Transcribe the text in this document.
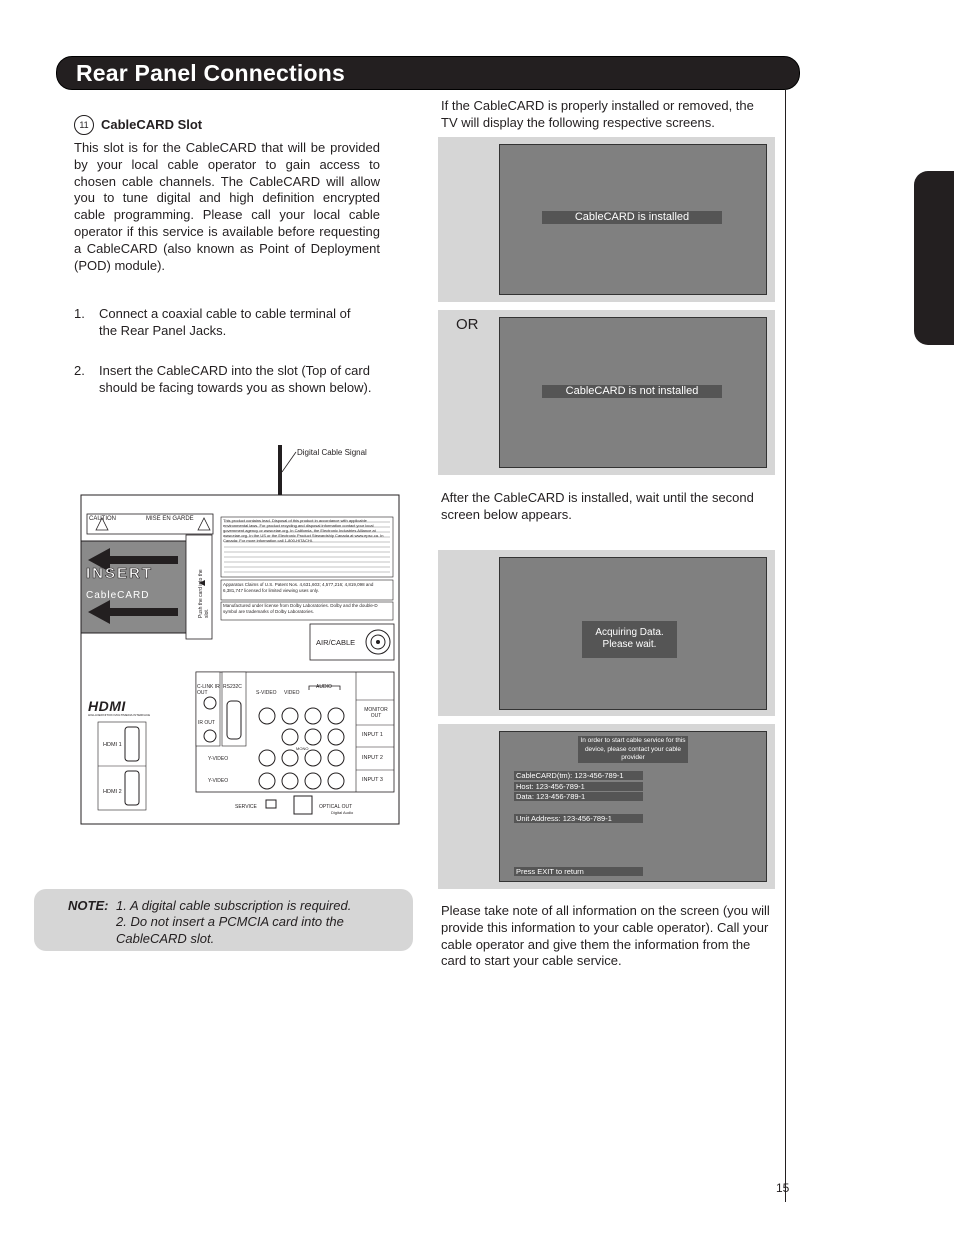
Rear Panel Connections
11 CableCARD Slot
This slot is for the CableCARD that will be provided by your local cable operator to gain access to chosen cable channels. The CableCARD will allow you to tune digital and high definition encrypted cable programming. Please call your local cable operator if this service is available before requesting a CableCARD (also known as Point of Deployment (POD) module).
1. Connect a coaxial cable to cable terminal of the Rear Panel Jacks.
2. Insert the CableCARD into the slot (Top of card should be facing towards you as shown below).
Digital Cable Signal
CAUTION	MISE EN GARDE	This product contains lead. Disposal of this product in accordance with applicable environmental laws. For product recycling and disposal information contact your local government agency or www.eiae.org. In California, the Electronic Industries Alliance at www.eiae.org. In the US or the Electronic Product Stewardship Canada at www.epsc.ca. In Canada: For more information call 1-800-HITACHI.
Apparatus Claims of U.S. Patent Nos. 4,631,603; 4,577,216; 4,819,098 and 6,381,747 licensed for limited viewing uses only.
Manufactured under license from Dolby Laboratories. Dolby and the double-D symbol are trademarks of Dolby Laboratories.
INSERT
CableCARD	Push the card into the slot.
AIR/CABLE
HDMI
HIGH-DEFINITION MULTIMEDIA INTERFACE
HDMI 1
HDMI 2
C-LINK IR OUT
IR OUT
RS232C
S-VIDEO VIDEO
AUDIO
MONITOR OUT
INPUT 1
INPUT 2
INPUT 3
Y-VIDEO
Y-VIDEO
MONO
SERVICE	OPTICAL OUT
Digital Audio
NOTE: 1. A digital cable subscription is required.
2. Do not insert a PCMCIA card into the CableCARD slot.
If the CableCARD is properly installed or removed, the TV will display the following respective screens.
CableCARD is installed
OR
CableCARD is not installed
After the CableCARD is installed, wait until the second screen below appears.
Acquiring Data.
Please wait.
In order to start cable service for this device, please contact your cable provider
CableCARD(tm): 123-456-789-1
Host: 123-456-789-1
Data: 123-456-789-1
Unit Address: 123-456-789-1
Press EXIT to return
Please take note of all information on the screen (you will provide this information to your cable operator). Call your cable operator and give them the information from the card to start your cable service.
15
